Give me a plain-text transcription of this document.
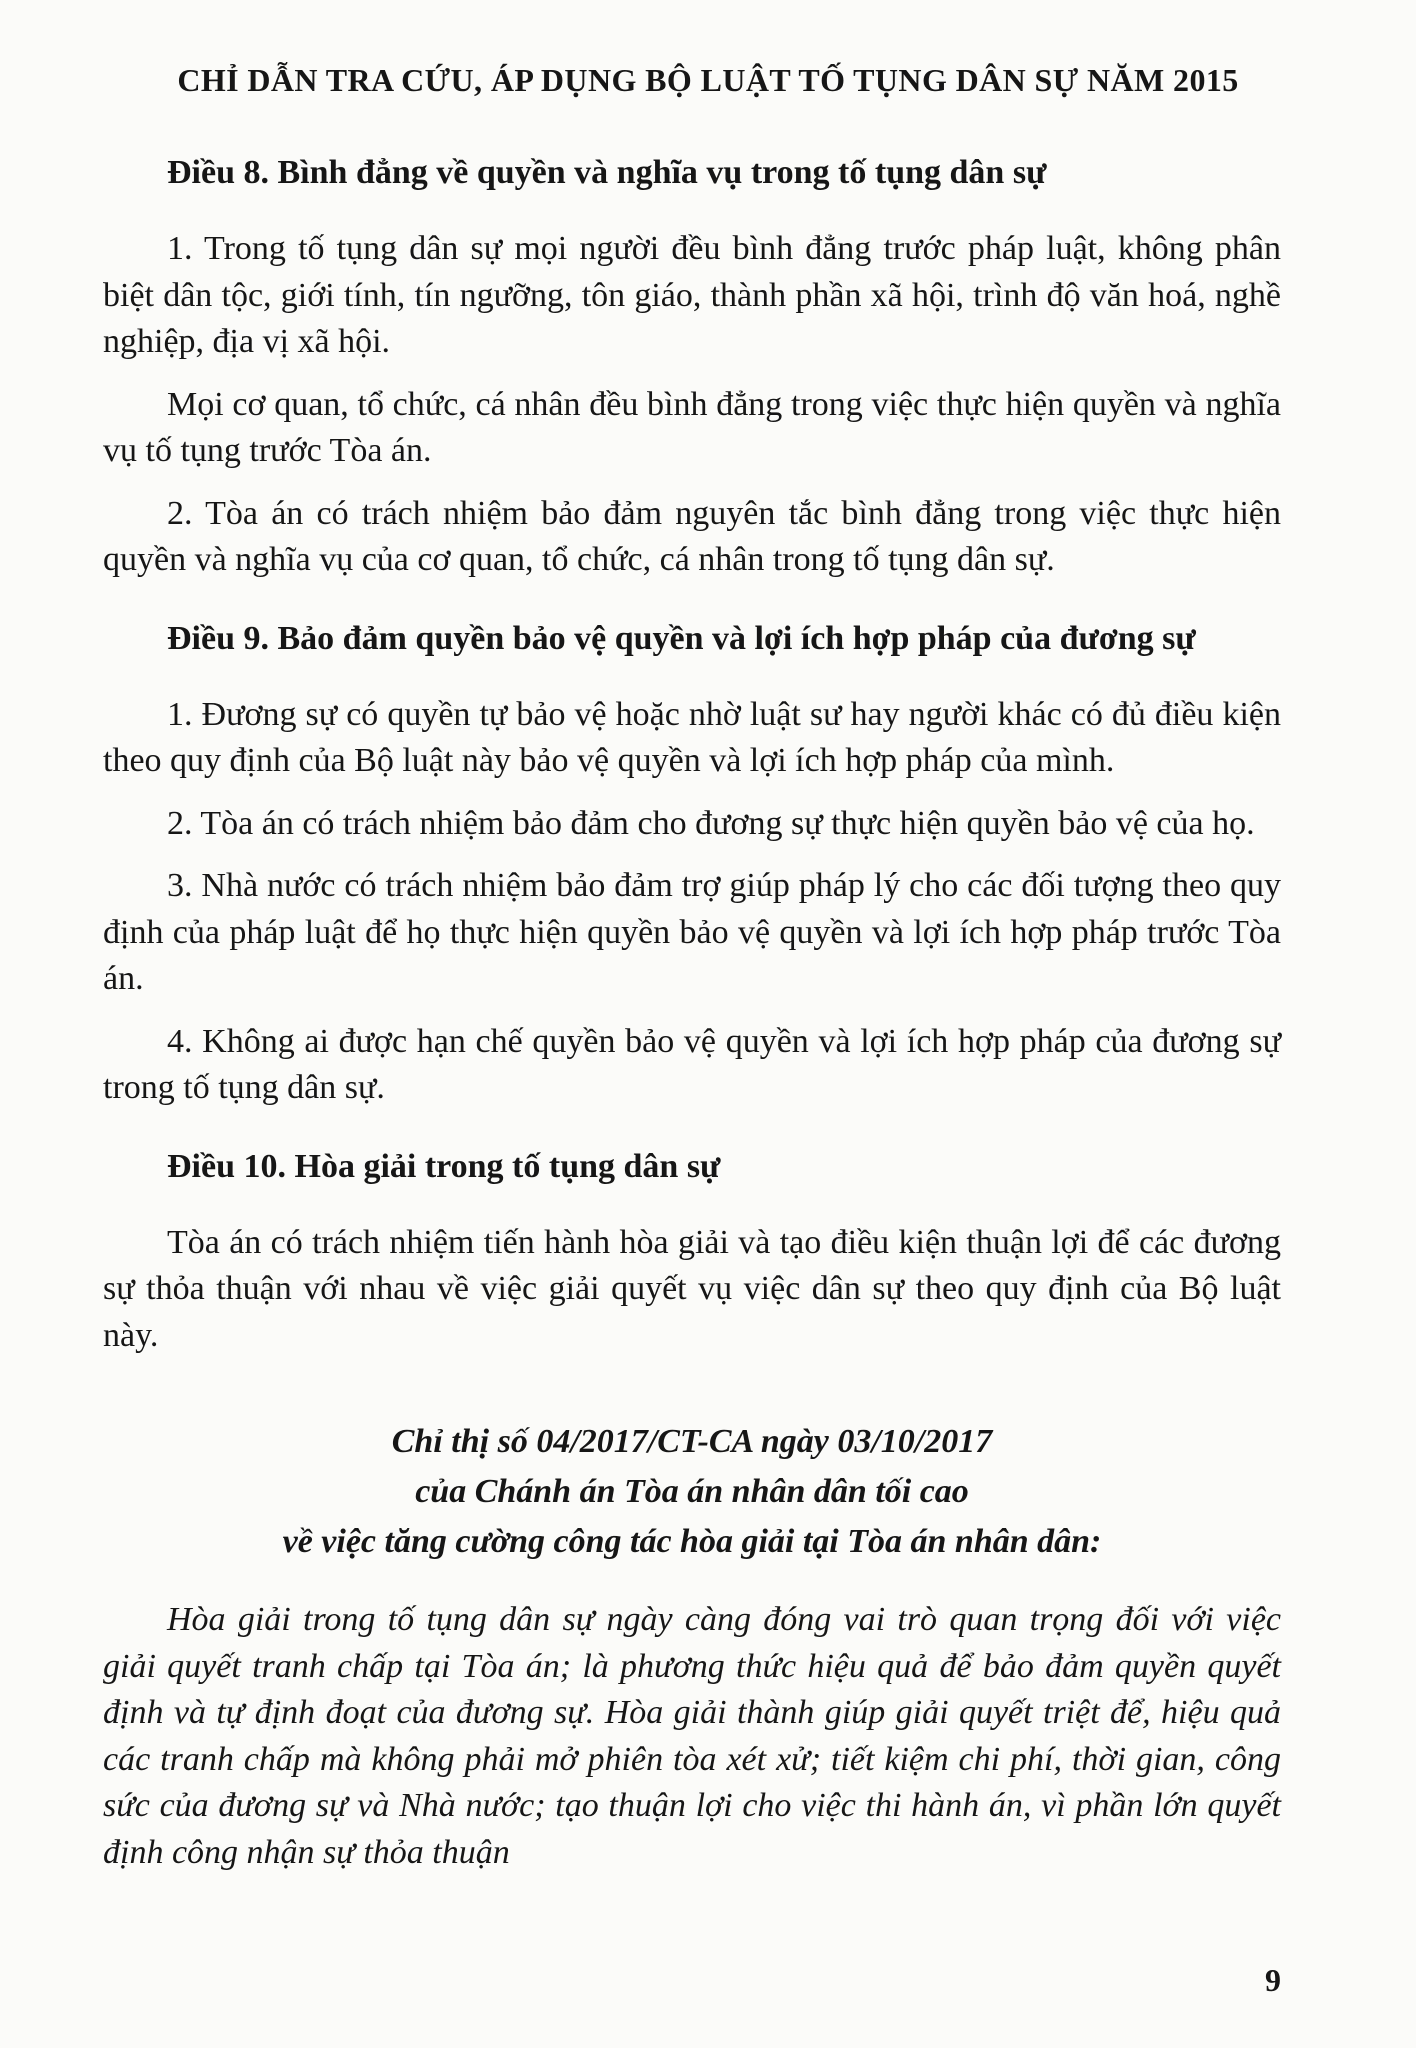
CHỈ DẪN TRA CỨU, ÁP DỤNG BỘ LUẬT TỐ TỤNG DÂN SỰ NĂM 2015
Điều 8. Bình đẳng về quyền và nghĩa vụ trong tố tụng dân sự

1. Trong tố tụng dân sự mọi người đều bình đẳng trước pháp luật, không phân biệt dân tộc, giới tính, tín ngưỡng, tôn giáo, thành phần xã hội, trình độ văn hoá, nghề nghiệp, địa vị xã hội.

Mọi cơ quan, tổ chức, cá nhân đều bình đẳng trong việc thực hiện quyền và nghĩa vụ tố tụng trước Tòa án.

2. Tòa án có trách nhiệm bảo đảm nguyên tắc bình đẳng trong việc thực hiện quyền và nghĩa vụ của cơ quan, tổ chức, cá nhân trong tố tụng dân sự.

Điều 9. Bảo đảm quyền bảo vệ quyền và lợi ích hợp pháp của đương sự

1. Đương sự có quyền tự bảo vệ hoặc nhờ luật sư hay người khác có đủ điều kiện theo quy định của Bộ luật này bảo vệ quyền và lợi ích hợp pháp của mình.

2. Tòa án có trách nhiệm bảo đảm cho đương sự thực hiện quyền bảo vệ của họ.

3. Nhà nước có trách nhiệm bảo đảm trợ giúp pháp lý cho các đối tượng theo quy định của pháp luật để họ thực hiện quyền bảo vệ quyền và lợi ích hợp pháp trước Tòa án.

4. Không ai được hạn chế quyền bảo vệ quyền và lợi ích hợp pháp của đương sự trong tố tụng dân sự.

Điều 10. Hòa giải trong tố tụng dân sự

Tòa án có trách nhiệm tiến hành hòa giải và tạo điều kiện thuận lợi để các đương sự thỏa thuận với nhau về việc giải quyết vụ việc dân sự theo quy định của Bộ luật này.

Chỉ thị số 04/2017/CT-CA ngày 03/10/2017
của Chánh án Tòa án nhân dân tối cao
về việc tăng cường công tác hòa giải tại Tòa án nhân dân:

Hòa giải trong tố tụng dân sự ngày càng đóng vai trò quan trọng đối với việc giải quyết tranh chấp tại Tòa án; là phương thức hiệu quả để bảo đảm quyền quyết định và tự định đoạt của đương sự. Hòa giải thành giúp giải quyết triệt để, hiệu quả các tranh chấp mà không phải mở phiên tòa xét xử; tiết kiệm chi phí, thời gian, công sức của đương sự và Nhà nước; tạo thuận lợi cho việc thi hành án, vì phần lớn quyết định công nhận sự thỏa thuận

9
